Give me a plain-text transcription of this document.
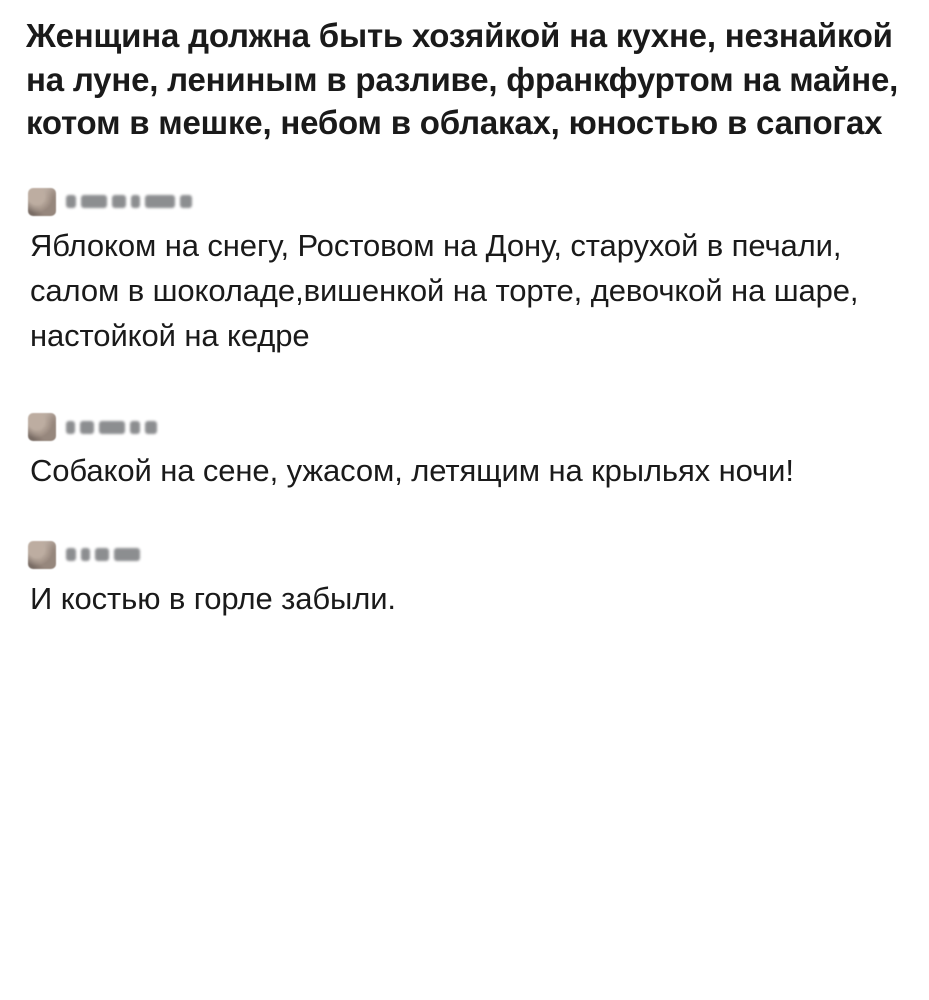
Женщина должна быть хозяйкой на кухне, незнайкой на луне, лениным в разливе, франкфуртом на майне, котом в мешке, небом в облаках, юностью в сапогах

Яблоком на снегу, Ростовом на Дону, старухой в печали, салом в шоколаде,вишенкой на торте, девочкой на шаре, настойкой на кедре

Собакой на сене, ужасом, летящим на крыльях ночи!

И костью в горле забыли.
